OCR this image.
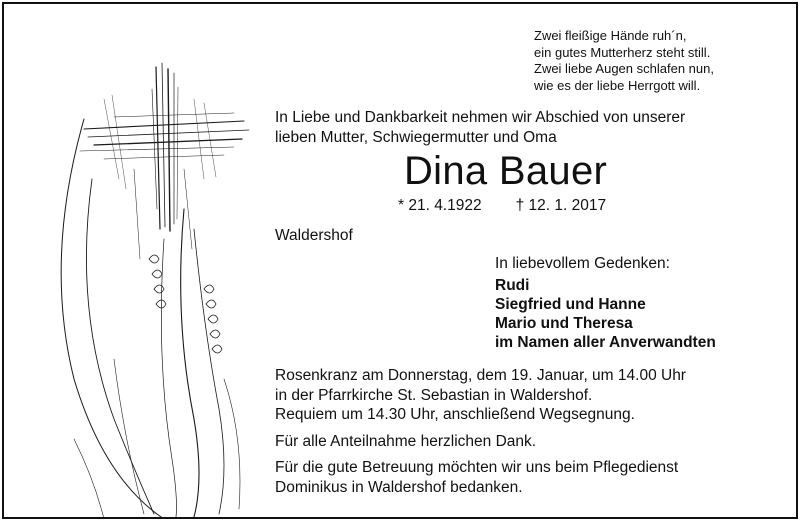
Zwei fleißige Hände ruh´n,
ein gutes Mutterherz steht still.
Zwei liebe Augen schlafen nun,
wie es der liebe Herrgott will.
In Liebe und Dankbarkeit nehmen wir Abschied von unserer
lieben Mutter, Schwiegermutter und Oma
Dina Bauer
* 21. 4.1922 † 12. 1. 2017
Waldershof
In liebevollem Gedenken:
Rudi
Siegfried und Hanne
Mario und Theresa
im Namen aller Anverwandten
Rosenkranz am Donnerstag, dem 19. Januar, um 14.00 Uhr
in der Pfarrkirche St. Sebastian in Waldershof.
Requiem um 14.30 Uhr, anschließend Wegsegnung.
Für alle Anteilnahme herzlichen Dank.
Für die gute Betreuung möchten wir uns beim Pflegedienst
Dominikus in Waldershof bedanken.
